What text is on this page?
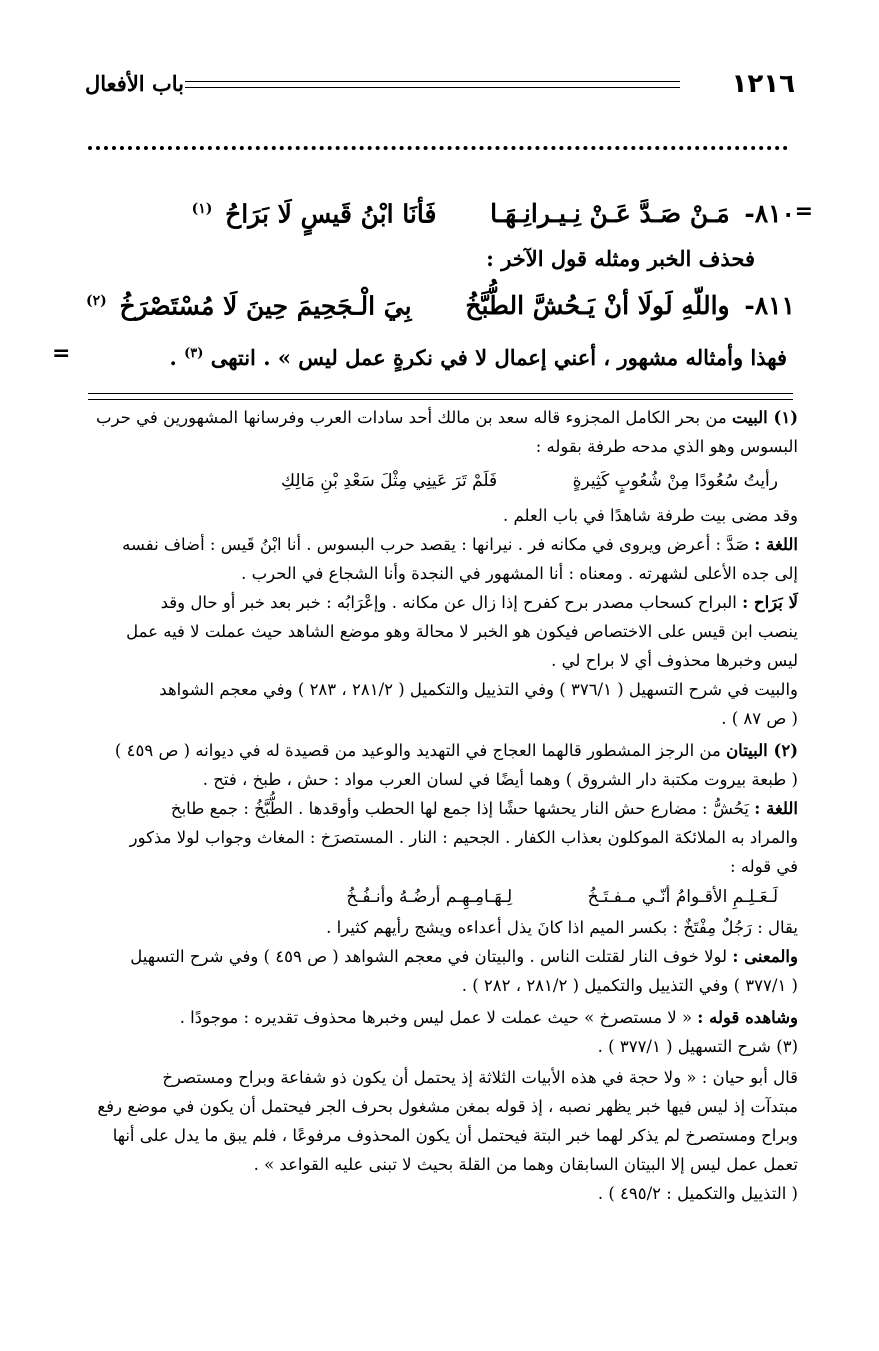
١٢١٦
باب الأفعال
=
٨١٠- مَـنْ صَـدَّ عَـنْ نِـيـرانِـهَـا فَأنَا ابْنُ قَيسٍ لَا بَرَاحُ $^{(١)}$
فحذف الخبر ومثله قول الآخر :
٨١١- واللّهِ لَولَا أنْ يَـحُشَّ الطُّبَّخُ بِيَ الْـجَحِيمَ حِينَ لَا مُسْتَصْرَخُ $^{(٢)}$
فهذا وأمثاله مشهور ، أعني إعمال لا في نكرةٍ عمل ليس » . انتهى $^{(٣)}$ .
=
(١) البيت من بحر الكامل المجزوء قاله سعد بن مالك أحد سادات العرب وفرسانها المشهورين في حرب
البسوس وهو الذي مدحه طرفة بقوله :
رأيتُ سُعُودًا مِنْ شُعُوبٍ كَثِيرةٍ فَلَمْ تَرَ عَينِي مِثْلَ سَعْدِ بْنِ مَالِكِ
وقد مضى بيت طرفة شاهدًا في باب العلم .
اللغة : صَدَّ : أعرض ويروى في مكانه فر . نيرانها : يقصد حرب البسوس . أنا ابْنُ قَيس : أضاف نفسه
إلى جده الأعلى لشهرته . ومعناه : أنا المشهور في النجدة وأنا الشجاع في الحرب .
لَا بَرَاح : البراح كسحاب مصدر برح كفرح إذا زال عن مكانه . وإعْرَابُه : خبر بعد خبر أو حال وقد
ينصب ابن قيس على الاختصاص فيكون هو الخبر لا محالة وهو موضع الشاهد حيث عملت لا فيه عمل
ليس وخبرها محذوف أي لا براح لي .
والبيت في شرح التسهيل ( ٣٧٦/١ ) وفي التذييل والتكميل ( ٢٨١/٢ ، ٢٨٣ ) وفي معجم الشواهد
( ص ٨٧ ) .
(٢) البيتان من الرجز المشطور قالهما العجاج في التهديد والوعيد من قصيدة له في ديوانه ( ص ٤٥٩ )
( طبعة بيروت مكتبة دار الشروق ) وهما أيضًا في لسان العرب مواد : حش ، طبخ ، فتح .
اللغة : يَحُشُّ : مضارع حش النار يحشها حشًا إذا جمع لها الحطب وأوقدها . الطُّبَّخُ : جمع طابخ
والمراد به الملائكة الموكلون بعذاب الكفار . الجحيم : النار . المستصرَخ : المغاث وجواب لولا مذكور
في قوله :
لَـعَـلِـمِ الأقـوامُ أنّـي مـفـتَـخُ لِـهَـامِـهِـم أرضُـهُ وأنـفُـخُ
يقال : رَجُلٌ مِفْتَخٌ : بكسر الميم اذا كانَ يذل أعداءه ويشج رأيهم كثيرا .
والمعنى : لولا خوف النار لقتلت الناس . والبيتان في معجم الشواهد ( ص ٤٥٩ ) وفي شرح التسهيل
( ٣٧٧/١ ) وفي التذييل والتكميل ( ٢٨١/٢ ، ٢٨٢ ) .
وشاهده قوله : « لا مستصرخ » حيث عملت لا عمل ليس وخبرها محذوف تقديره : موجودًا .
(٣) شرح التسهيل ( ٣٧٧/١ ) .
قال أبو حيان : « ولا حجة في هذه الأبيات الثلاثة إذ يحتمل أن يكون ذو شفاعة وبراح ومستصرخ
مبتدآت إذ ليس فيها خبر يظهر نصبه ، إذ قوله بمغن مشغول بحرف الجر فيحتمل أن يكون في موضع رفع
وبراح ومستصرخ لم يذكر لهما خبر البتة فيحتمل أن يكون المحذوف مرفوعًا ، فلم يبق ما يدل على أنها
تعمل عمل ليس إلا البيتان السابقان وهما من القلة بحيث لا تبنى عليه القواعد » .
( التذييل والتكميل : ٤٩٥/٢ ) .
